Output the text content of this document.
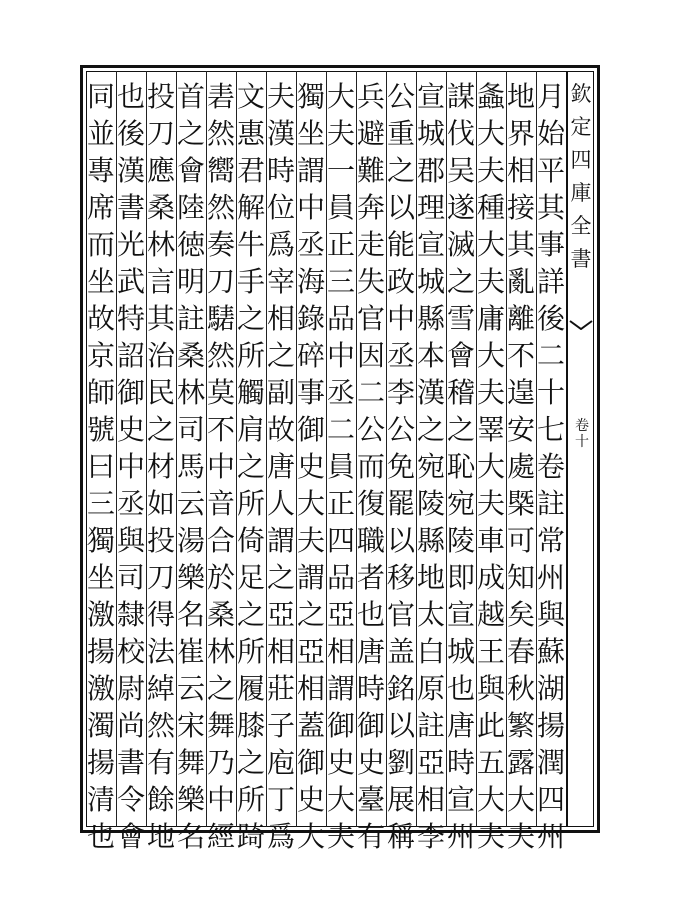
欽
定
四
庫
全
書
卷
十
月
始
平
其
事
詳
後
二
十
七
卷
註
常
州
與
蘇
湖
揚
潤
四
州
地
界
相
接
其
亂
離
不
遑
安
處
槩
可
知
矣
春
秋
繁
露
大
夫
螽
大
夫
種
大
夫
庸
大
夫
睪
大
夫
車
成
越
王
與
此
五
大
夫
謀
伐
吴
遂
滅
之
雪
會
稽
之
恥
宛
陵
即
宣
城
也
唐
時
宣
州
宣
城
郡
理
宣
城
縣
本
漢
之
宛
陵
縣
地
太
白
原
註
亞
相
李
公
重
之
以
能
政
中
丞
李
公
免
罷
以
移
官
盖
銘
以
劉
展
稱
兵
避
難
奔
走
失
官
因
二
公
而
復
職
者
也
唐
時
御
史
臺
有
大
夫
一
員
正
三
品
中
丞
二
員
正
四
品
亞
相
謂
御
史
大
夫
獨
坐
謂
中
丞
海
錄
碎
事
御
史
大
夫
謂
之
亞
相
蓋
御
史
大
夫
漢
時
位
爲
宰
相
之
副
故
唐
人
謂
之
亞
相
莊
子
庖
丁
爲
文
惠
君
解
牛
手
之
所
觸
肩
之
所
倚
足
之
所
履
膝
之
所
踦
砉
然
嚮
然
奏
刀
騞
然
莫
不
中
音
合
於
桑
林
之
舞
乃
中
經
首
之
會
陸
徳
明
註
桑
林
司
馬
云
湯
樂
名
崔
云
宋
舞
樂
名
投
刀
應
桑
林
言
其
治
民
之
材
如
投
刀
得
法
綽
然
有
餘
地
也
後
漢
書
光
武
特
詔
御
史
中
丞
與
司
隸
校
尉
尚
書
令
會
同
並
專
席
而
坐
故
京
師
號
曰
三
獨
坐
激
揚
激
濁
揚
清
也
